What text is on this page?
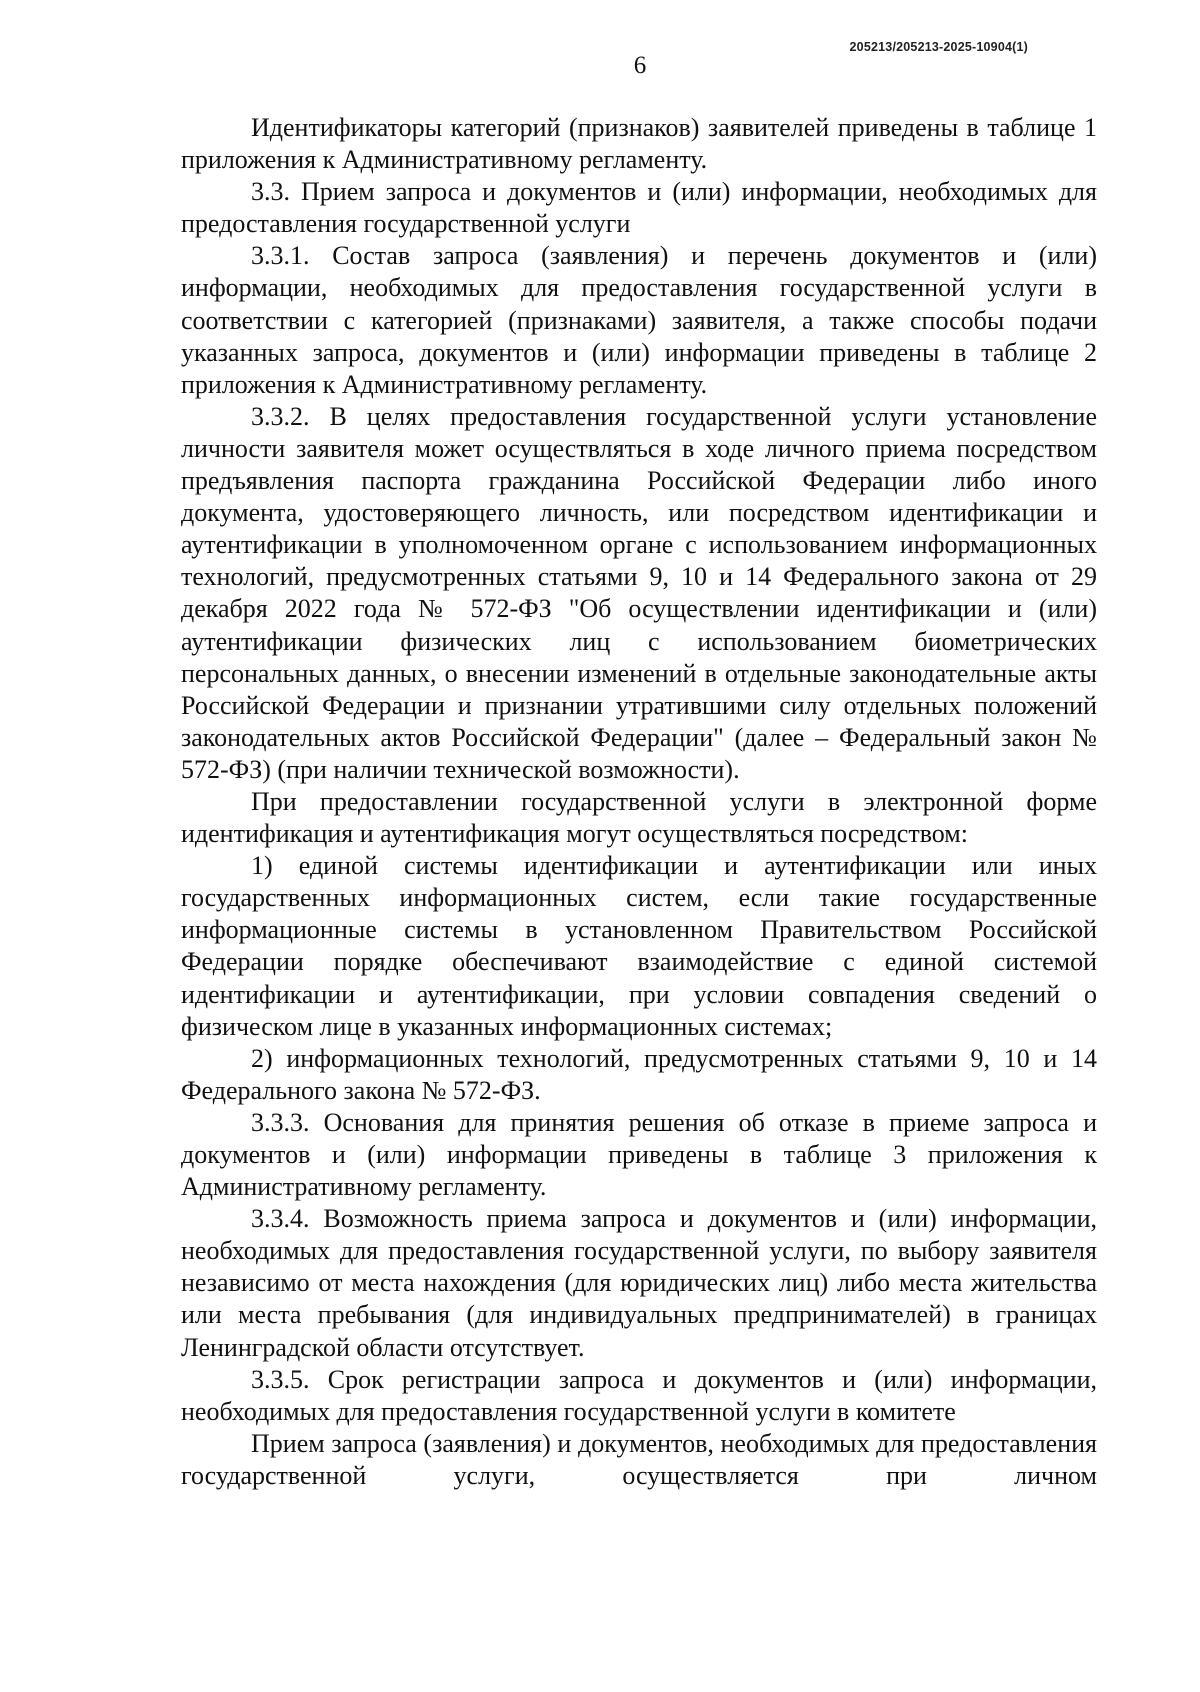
205213/205213-2025-10904(1)
6

Идентификаторы категорий (признаков) заявителей приведены в таблице 1 приложения к Административному регламенту.

3.3. Прием запроса и документов и (или) информации, необходимых для предоставления государственной услуги

3.3.1. Состав запроса (заявления) и перечень документов и (или) информации, необходимых для предоставления государственной услуги в соответствии с категорией (признаками) заявителя, а также способы подачи указанных запроса, документов и (или) информации приведены в таблице 2 приложения к Административному регламенту.

3.3.2. В целях предоставления государственной услуги установление личности заявителя может осуществляться в ходе личного приема посредством предъявления паспорта гражданина Российской Федерации либо иного документа, удостоверяющего личность, или посредством идентификации и аутентификации в уполномоченном органе с использованием информационных технологий, предусмотренных статьями 9, 10 и 14 Федерального закона от 29 декабря 2022 года № 572-ФЗ "Об осуществлении идентификации и (или) аутентификации физических лиц с использованием биометрических персональных данных, о внесении изменений в отдельные законодательные акты Российской Федерации и признании утратившими силу отдельных положений законодательных актов Российской Федерации" (далее – Федеральный закон № 572-ФЗ) (при наличии технической возможности).

При предоставлении государственной услуги в электронной форме идентификация и аутентификация могут осуществляться посредством:

1) единой системы идентификации и аутентификации или иных государственных информационных систем, если такие государственные информационные системы в установленном Правительством Российской Федерации порядке обеспечивают взаимодействие с единой системой идентификации и аутентификации, при условии совпадения сведений о физическом лице в указанных информационных системах;

2) информационных технологий, предусмотренных статьями 9, 10 и 14 Федерального закона № 572-ФЗ.

3.3.3. Основания для принятия решения об отказе в приеме запроса и документов и (или) информации приведены в таблице 3 приложения к Административному регламенту.

3.3.4. Возможность приема запроса и документов и (или) информации, необходимых для предоставления государственной услуги, по выбору заявителя независимо от места нахождения (для юридических лиц) либо места жительства или места пребывания (для индивидуальных предпринимателей) в границах Ленинградской области отсутствует.

3.3.5. Срок регистрации запроса и документов и (или) информации, необходимых для предоставления государственной услуги в комитете

Прием запроса (заявления) и документов, необходимых для предоставления государственной услуги, осуществляется при личном
